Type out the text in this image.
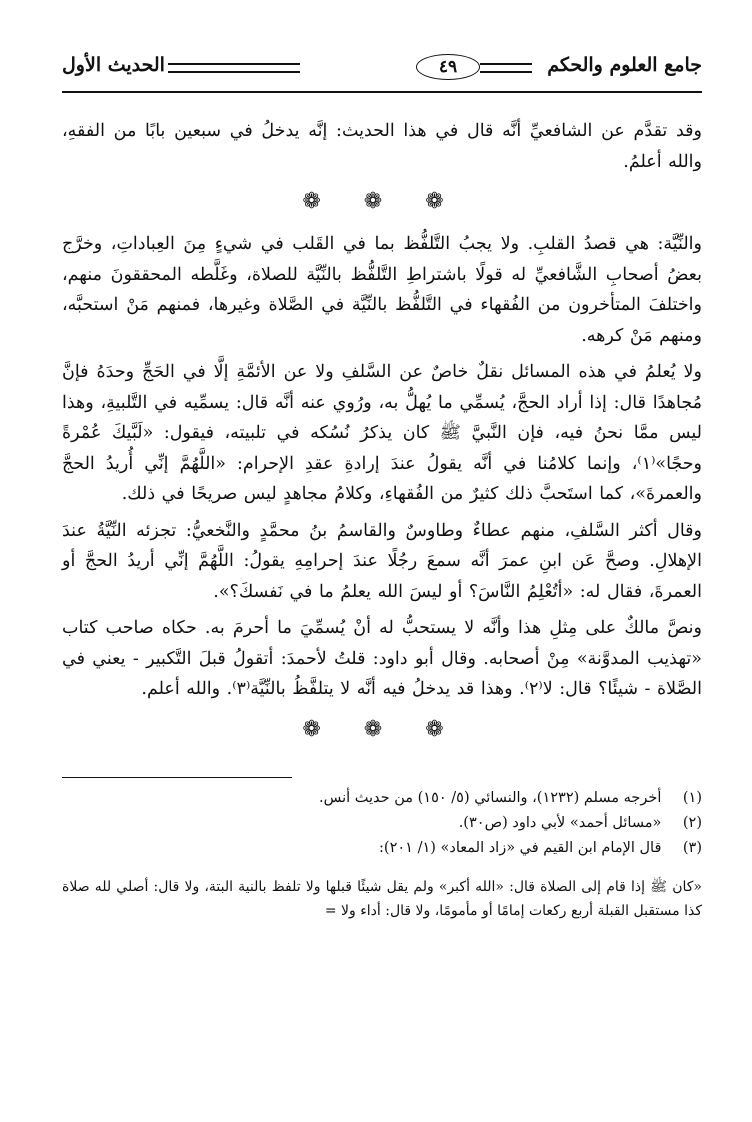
جامع العلوم والحكم
٤٩
الحديث الأول

وقد تقدَّم عن الشافعيِّ أنَّه قال في هذا الحديث: إنَّه يدخلُ في سبعين بابًا من الفقهِ، والله أعلمُ.

❁ ❁ ❁

والنِّيَّة: هي قصدُ القلبِ. ولا يجبُ التَّلفُّظ بما في القَلب في شيءٍ مِنَ العِباداتِ، وخرَّج بعضُ أصحابِ الشَّافعيِّ له قولًا باشتراطِ التَّلفُّظ بالنِّيَّة للصلاة، وغَلَّطه المحققونَ منهم، واختلفَ المتأخرون من الفُقهاء في التَّلفُّظ بالنِّيَّة في الصَّلاة وغيرها، فمنهم مَنْ استحبَّه، ومنهم مَنْ كرهه.

ولا يُعلمُ في هذه المسائل نقلٌ خاصٌ عن السَّلفِ ولا عن الأئمَّةِ إلَّا في الحَجِّ وحدَهُ فإنَّ مُجاهدًا قال: إذا أراد الحجَّ، يُسمِّي ما يُهلُّ به، ورُوي عنه أنَّه قال: يسمِّيه في التَّلبيةِ، وهذا ليس ممَّا نحنُ فيه، فإن النَّبيَّ ﷺ كان يذكرُ نُسُكه في تلبيته، فيقول: «لَبَّيكَ عُمْرةً وحجًا»⁽١⁾، وإنما كلامُنا في أنَّه يقولُ عندَ إرادةِ عقدِ الإحرام: «اللَّهُمَّ إنِّي أُريدُ الحجَّ والعمرةَ»، كما استَحبَّ ذلك كثيرٌ من الفُقهاءِ، وكلامُ مجاهدٍ ليس صريحًا في ذلك.

وقال أكثر السَّلفِ، منهم عطاءٌ وطاوسٌ والقاسمُ بنُ محمَّدٍ والنَّخعيُّ: تجزئه النِّيَّةُ عندَ الإهلالِ. وصحَّ عَن ابنِ عمرَ أنَّه سمعَ رجُلًا عندَ إحرامِهِ يقولُ: اللَّهُمَّ إنِّي أريدُ الحجَّ أو العمرةَ، فقال له: «أتُعْلِمُ النَّاسَ؟ أو ليسَ الله يعلمُ ما في نَفسكَ؟».

ونصَّ مالكٌ على مِثلِ هذا وأنَّه لا يستحبُّ له أنْ يُسمِّيَ ما أحرمَ به. حكاه صاحب كتاب «تهذيب المدوَّنة» مِنْ أصحابه. وقال أبو داود: قلتُ لأحمدَ: أتقولُ قبلَ التَّكبير - يعني في الصَّلاة - شيئًا؟ قال: لا⁽٢⁾. وهذا قد يدخلُ فيه أنَّه لا يتلفَّظُ بالنِّيَّة⁽٣⁾. والله أعلم.

❁ ❁ ❁

(١) أخرجه مسلم (١٢٣٢)، والنسائي (٥/ ١٥٠) من حديث أنس.

(٢) «مسائل أحمد» لأبي داود (ص٣٠).

(٣) قال الإمام ابن القيم في «زاد المعاد» (١/ ٢٠١):

«كان ﷺ إذا قام إلى الصلاة قال: «الله أكبر» ولم يقل شيئًا قبلها ولا تلفظ بالنية البتة، ولا قال: أصلي لله صلاة كذا مستقبل القبلة أربع ركعات إمامًا أو مأمومًا، ولا قال: أداء ولا =
